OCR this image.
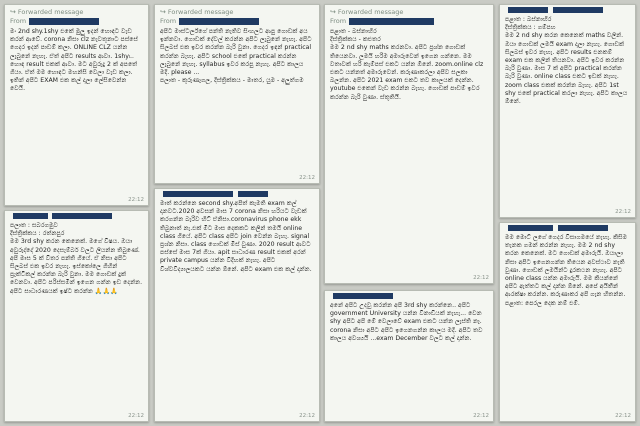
↪ Forwarded message
From
මං 2nd shy.1shy එකේ මුලු ඉදන් හොඳට වැඩ කරන් ආවේ. corona නිසා clz නැවතුනාට පස්සේ ගෙදර ඉදන් පාඩම් කලා. ONLINE CLZ යන්න ලැබුනේ නැහැ. ඒත් අපිට results ආවා. 1shyட හොඳ result එකක් ආවා. මට අවුරුදු 2 ක් අපතේ ගියා. ඒත් මම හොඳට මහන්සි වෙලා වැඩ කලා. ඉතින් අපිට EXAM එක කල් දාලා ලේසිවෙන්න වෙයි.
22:12
↪ Forwarded message
From
අපිට මාස්ටර්ල්ගේ පන්ති නැතිව සිංහලට ආපු ගොඩක් අය ඉන්නවා. ගොඩක් දේවල් කරන්න අපිට ලැබුනේ නැහැ. අපිට සිලබස් එක ඉවර කරන්න බැරි වුනා. ගෙදර ඉඳන් practical කරන්න බැහැ. අපිට school එකේ practical කරන්න ලැබුනේ නැහැ. syllabus ඉවර කරපු නැහැ. අපිට කාලය මදි. please ...
පලාත - කුරුණෑගල, දිස්ත්‍රික්කය - මාතර, යුම - අලුත්ගම
22:12
↪ Forwarded message
From
පළාත - බස්නාහිර
දිස්ත්‍රික්කය - කළුතර
මම 2 nd shy maths කරනවා. අපිට ප්‍රශ්න ගොඩක් තියෙනවා. ලමයි හරිම අමාරුවෙන් ඉගෙන ගන්නෙ. මම වතාවක් හරි කැම්පස් එකට යන්න ඕනේ. zoom.online clz එකට යන්නත් අමාරුවෙන්. කරුණාකරලා අපිව සලකා බලන්න. අපිට 2021 exam එකට තව කාලයක් දෙන්න. youtube එකෙන් වැඩ කරන්න බැහැ. ගොඩක් පාඩම් ඉවර කරන්න බැරි වුණා. ස්තූතියි.
22:12
පළාත : බස්නාහිර
දිස්ත්‍රික්කය : ගම්පහ
මම 2 nd shy කරන කෙනෙක් maths වලින්. ඔයා ගොඩක් ලමයි exam දාලා නැහැ. ගොඩක් සිලබස් ඉවර නැහැ. අපිට results එනකම් exam එක කලින් තියනවා. අපිට ඉවර කරන්න බැරි වුණා. මාස 7 ක් අපිට practical කරන්න බැරි වුණා. online class එකට ඉඩක් නැහැ. zoom class එකක් කරන්න බැහැ. අපිට 1st shy එකේ practical කරලා නැහැ. අපිට කාලය ඕනේ.
22:12
පලාත : සබරගමුව
දිස්ත්‍රික්කය : රත්නපුර
මම 3rd shy කරන කෙනෙක්. මගේ විෂය. ඔයා අවුරුද්දේ 2020 දෙසැම්බර් වලට ලියන්න තිබුණේ. අපි මාස 5 ක් විතර පන්ති ගියේ. ඒ නිසා අපිට සිලබස් එක ඉවර නැහැ. ඉස්කෝලෙ ගිහින් ප්‍රැක්ටිකල් කරන්න බැරි වුනා. මම ගොඩක් දුක් වෙනවා. අපිට පරිස්සමින් ඉගෙන ගන්න ඉඩ දෙන්න. අපිට සාධාරණයක් ඉෂ්ට කරන්න 🙏🙏🙏
22:12
මාත් කරන්නෙ second shy.අපිත් කැමති exam කල් දානවට.2020 අවසන් මාස 7 corona නිසා හරියට වැඩක් කරගන්න බැරිව හිට් ඒනිසා.coronavirus phone ekk තිබුනාත් නැ.එක් මිට මාස දෙකකට කලින් තමයි online class ගියේ. අපිට class අපිට join වෙන්න බැහැ. signal ප්‍රශ්න නිසා. class ගොඩක් මිස් වුණා. 2020 result ආවට පස්සේ මාස 7ක් ගියා. apit සාධාරණ result එකක් අරන් private campus යන්න විදිහක් නැහැ. අපිට විශ්වවිද්‍යාලයකට යන්න ඕනේ. අපිට exam එක කල් දාන්න.
22:12
අනේ අපිට උදවු කරන්න අපි 3rd shy කරන්නෙ.. අපිට government University යන්න විනාඩියක් නැහැ... වෙන shy අපිට අපි මේ වෙලාවේ exam එකට යන්න ලැස්ති නෑ. corona නිසා අපිට අපිට ඉගෙනගන්න කාලය මදි. අපිට තව කාලය අවශ්‍යයි ...exam December වලට කල් දාන්න.
22:12
මම මොට් ලගේ ගෙදර විසාගමයේ නැහැ. කිසිම තැනක ගමන් කරන්න නැහැ. මම 2 nd shy කරන කෙනෙක්. මට ගොඩක් අමාරුයි. ඔයාලා නිසා අපිට ඉගෙනගන්න තියෙන අවස්ථාව නැති වුණා. ගොඩක් ලමයින්ට දුරකථන නැහැ. අපිට online class යන්න අමාරුයි. මම කියන්නේ අපිට ඇත්තට කල් දාන්න ඕනේ. අපේ අයිතීන් ආරක්ෂා කරන්න. කරුණාකර අපි ගැන හිතන්න. පළාත: පෙරල දෙක නම් එම්.
22:12
